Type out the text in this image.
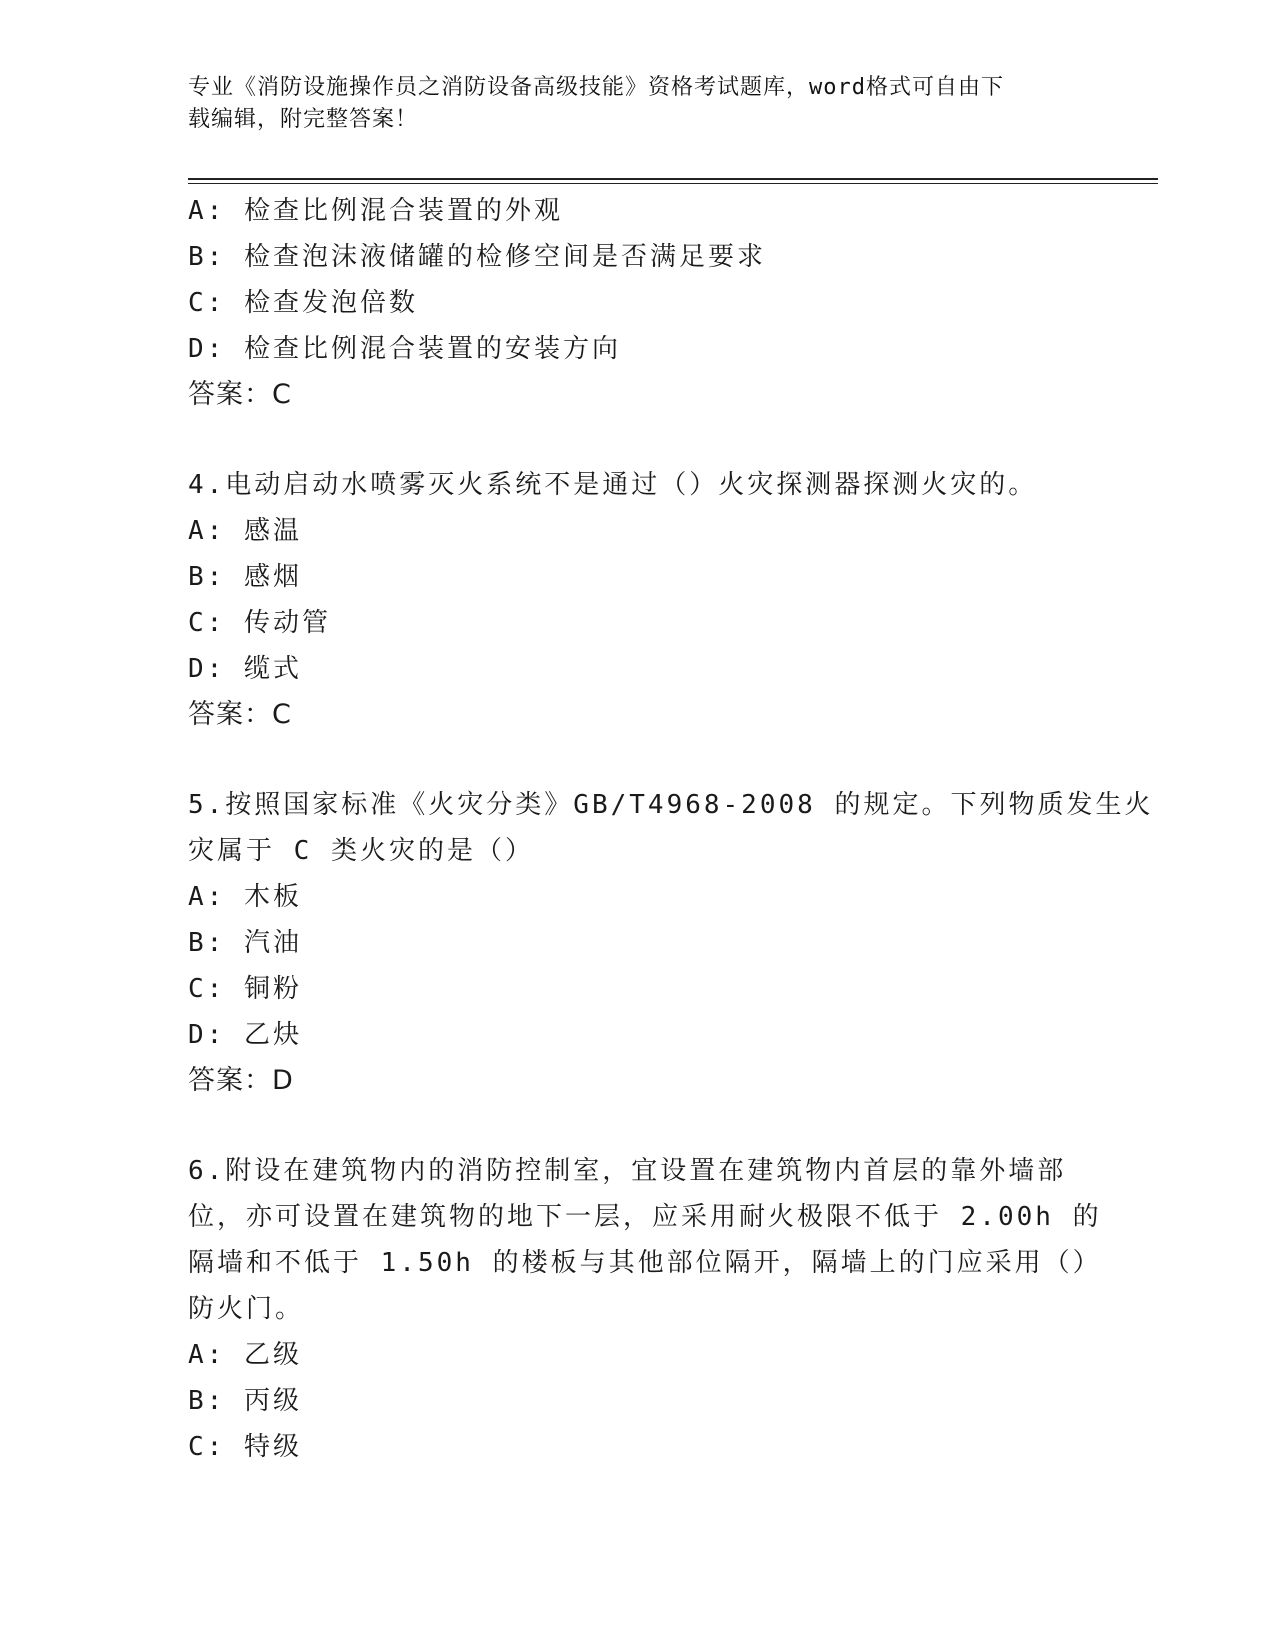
专业《消防设施操作员之消防设备高级技能》资格考试题库，word格式可自由下
载编辑，附完整答案！
A: 检查比例混合装置的外观
B: 检查泡沫液储罐的检修空间是否满足要求
C: 检查发泡倍数
D: 检查比例混合装置的安装方向
答案：C
4.电动启动水喷雾灭火系统不是通过（）火灾探测器探测火灾的。
A: 感温
B: 感烟
C: 传动管
D: 缆式
答案：C
5.按照国家标准《火灾分类》GB/T4968-2008 的规定。下列物质发生火
灾属于 C 类火灾的是（）
A: 木板
B: 汽油
C: 铜粉
D: 乙炔
答案：D
6.附设在建筑物内的消防控制室，宜设置在建筑物内首层的靠外墙部
位，亦可设置在建筑物的地下一层，应采用耐火极限不低于 2.00h 的
隔墙和不低于 1.50h 的楼板与其他部位隔开，隔墙上的门应采用（）
防火门。
A: 乙级
B: 丙级
C: 特级
